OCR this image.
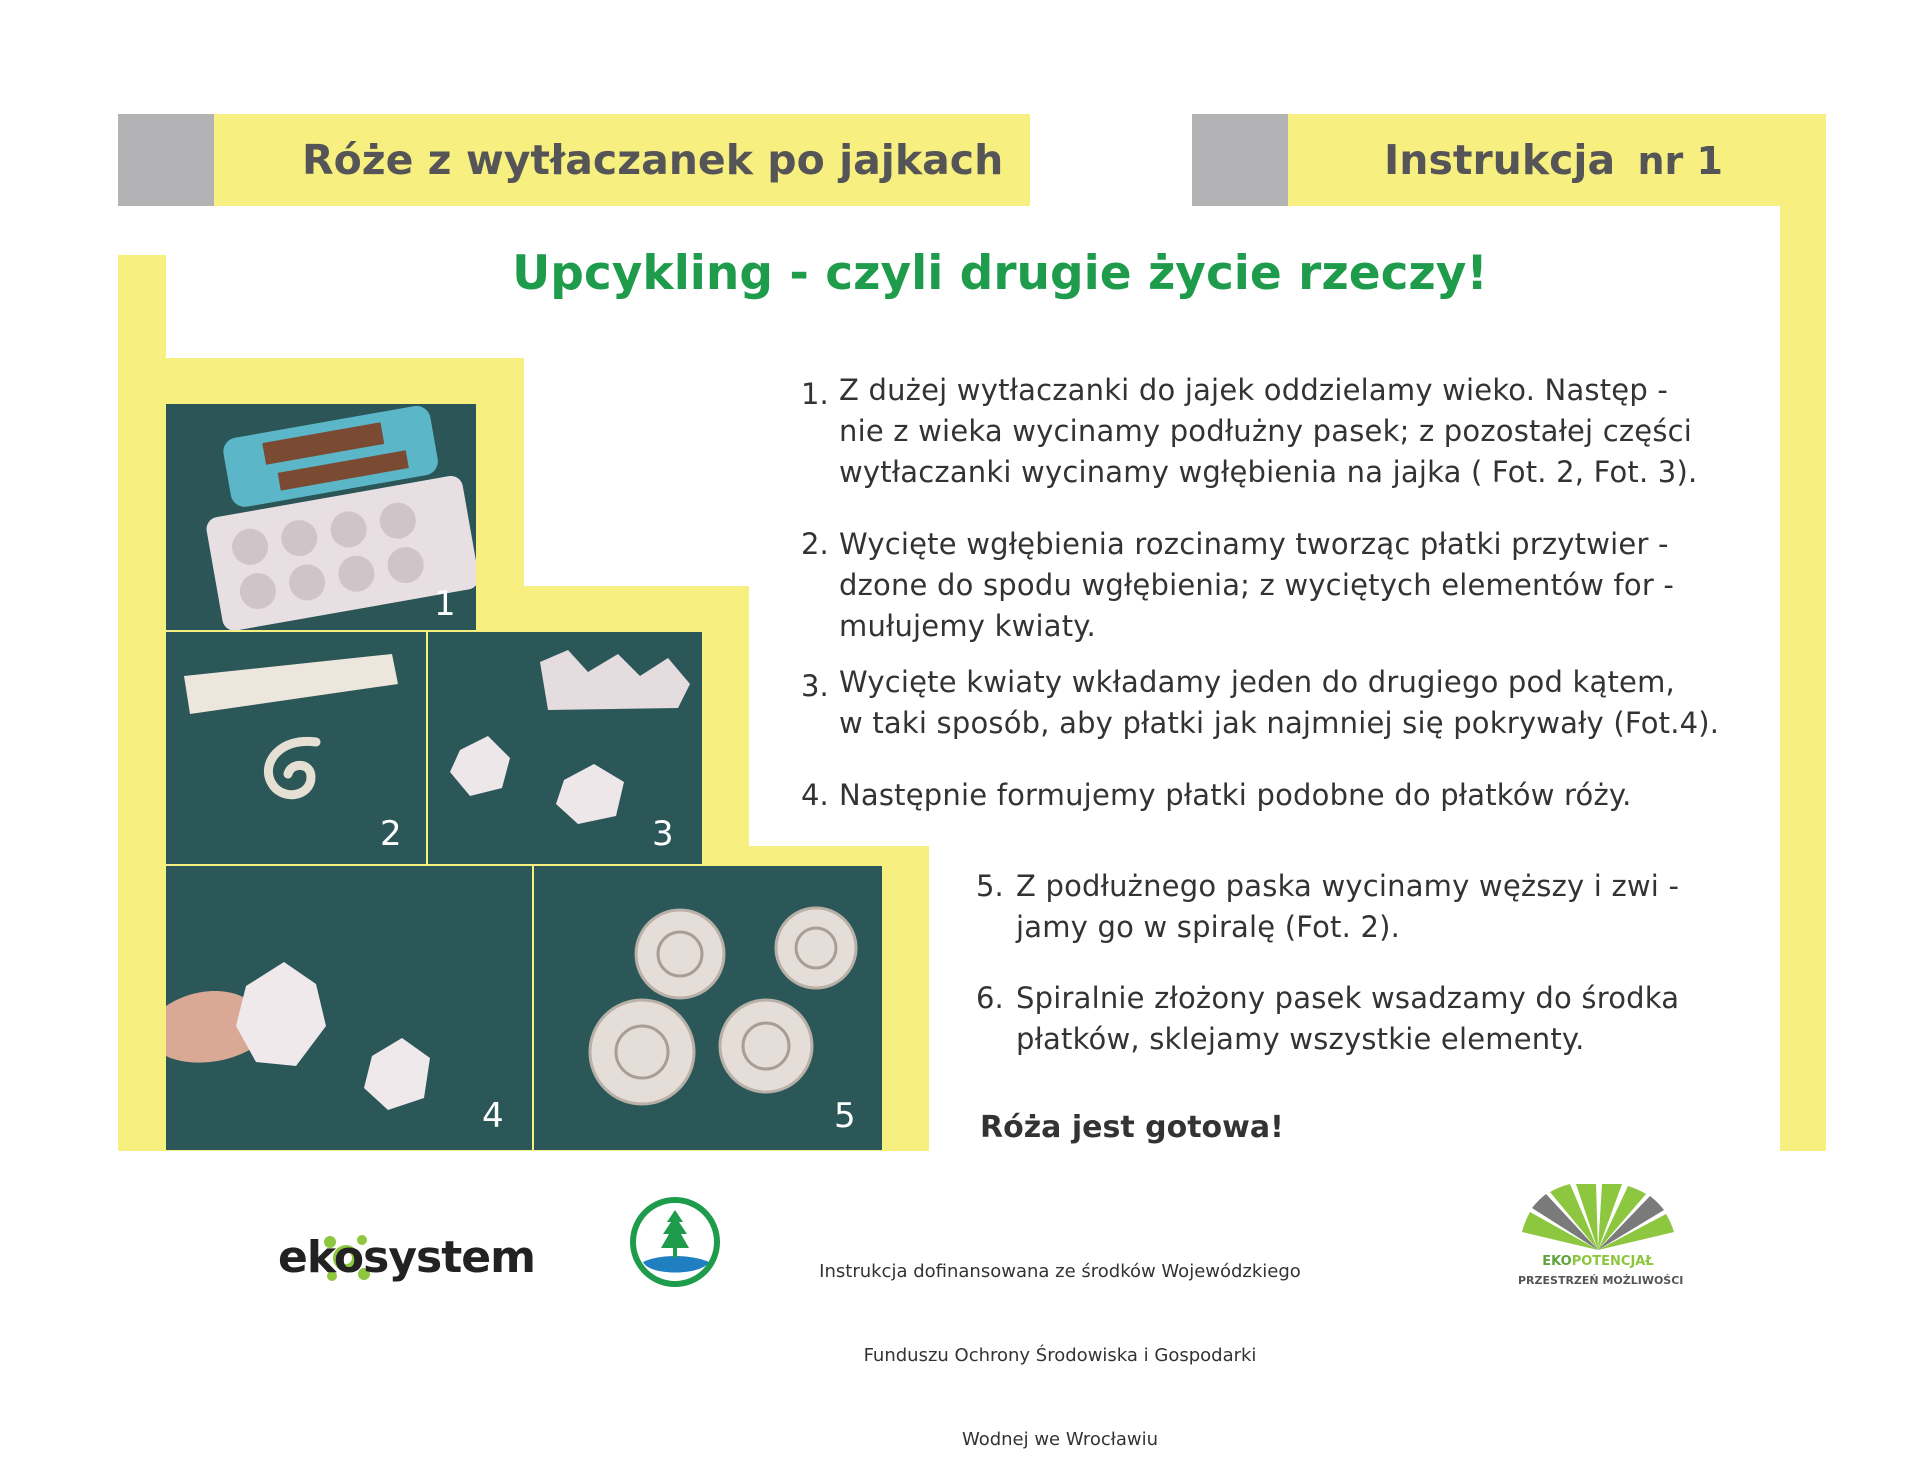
Róże z wytłaczanek po jajkach	Instrukcja nr 1
Upcykling - czyli drugie życie rzeczy!
1
2	3
4	5
1. Z dużej wytłaczanki do jajek oddzielamy wieko. Następ -
nie z wieka wycinamy podłużny pasek; z pozostałej części
wytłaczanki wycinamy wgłębienia na jajka ( Fot. 2, Fot. 3).
2. Wycięte wgłębienia rozcinamy tworząc płatki przytwier -
dzone do spodu wgłębienia; z wyciętych elementów for -
mułujemy kwiaty.
3. Wycięte kwiaty wkładamy jeden do drugiego pod kątem,
w taki sposób, aby płatki jak najmniej się pokrywały (Fot.4).
4. Następnie formujemy płatki podobne do płatków róży.
5. Z podłużnego paska wycinamy węższy i zwi -
jamy go w spiralę (Fot. 2).
6. Spiralnie złożony pasek wsadzamy do środka
płatków, sklejamy wszystkie elementy.
Róża jest gotowa!
ekosystem

	Instrukcja dofinansowana ze środków Wojewódzkiego

Funduszu Ochrony Środowiska i Gospodarki

Wodnej we Wrocławiu

EKOPOTENCJAŁ
PRZESTRZEŃ MOŻLIWOŚCI
